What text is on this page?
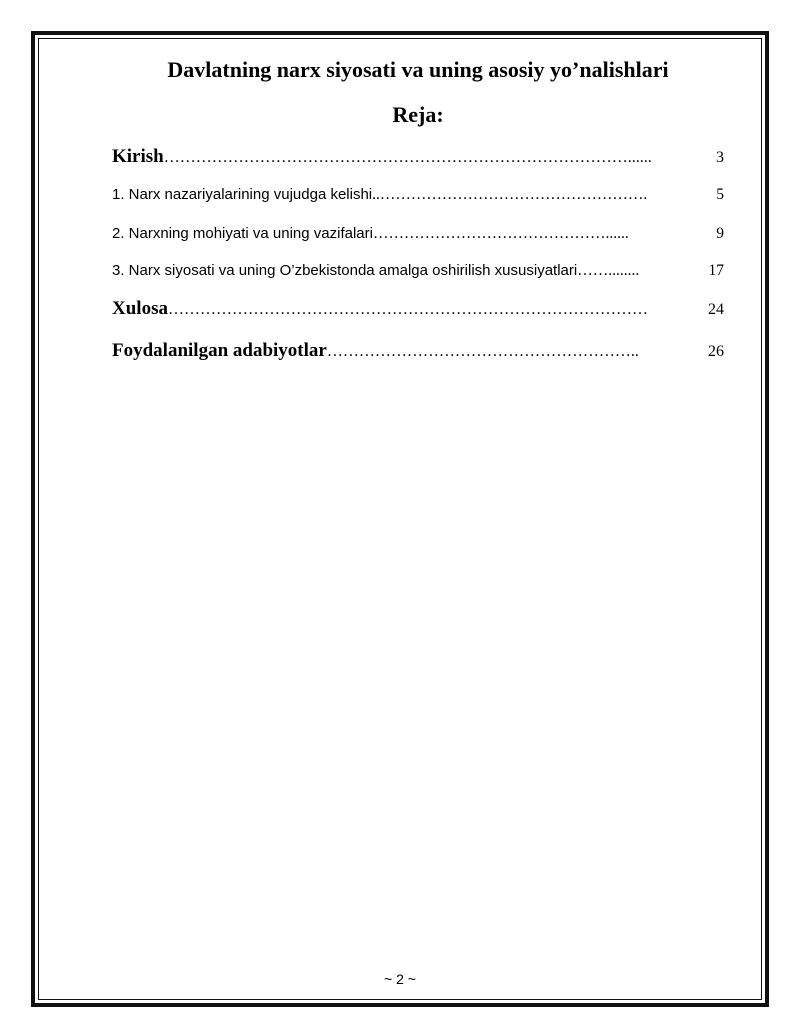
Davlatning narx siyosati va uning asosiy yo’nalishlari
Reja:
Kirish ……………………………………………………………………………......	3
1. Narx nazariyalarining vujudga kelishi ..…………………………………………….	5
2. Narxning mohiyati va uning vazifalari ………………………………………......	9
3. Narx siyosati va uning O’zbekistonda amalga oshirilish xususiyatlari ……........	17
Xulosa ………………………………………………………………………………	24
Foydalanilgan adabiyotlar …………………………………………………..	26
~ 2 ~
